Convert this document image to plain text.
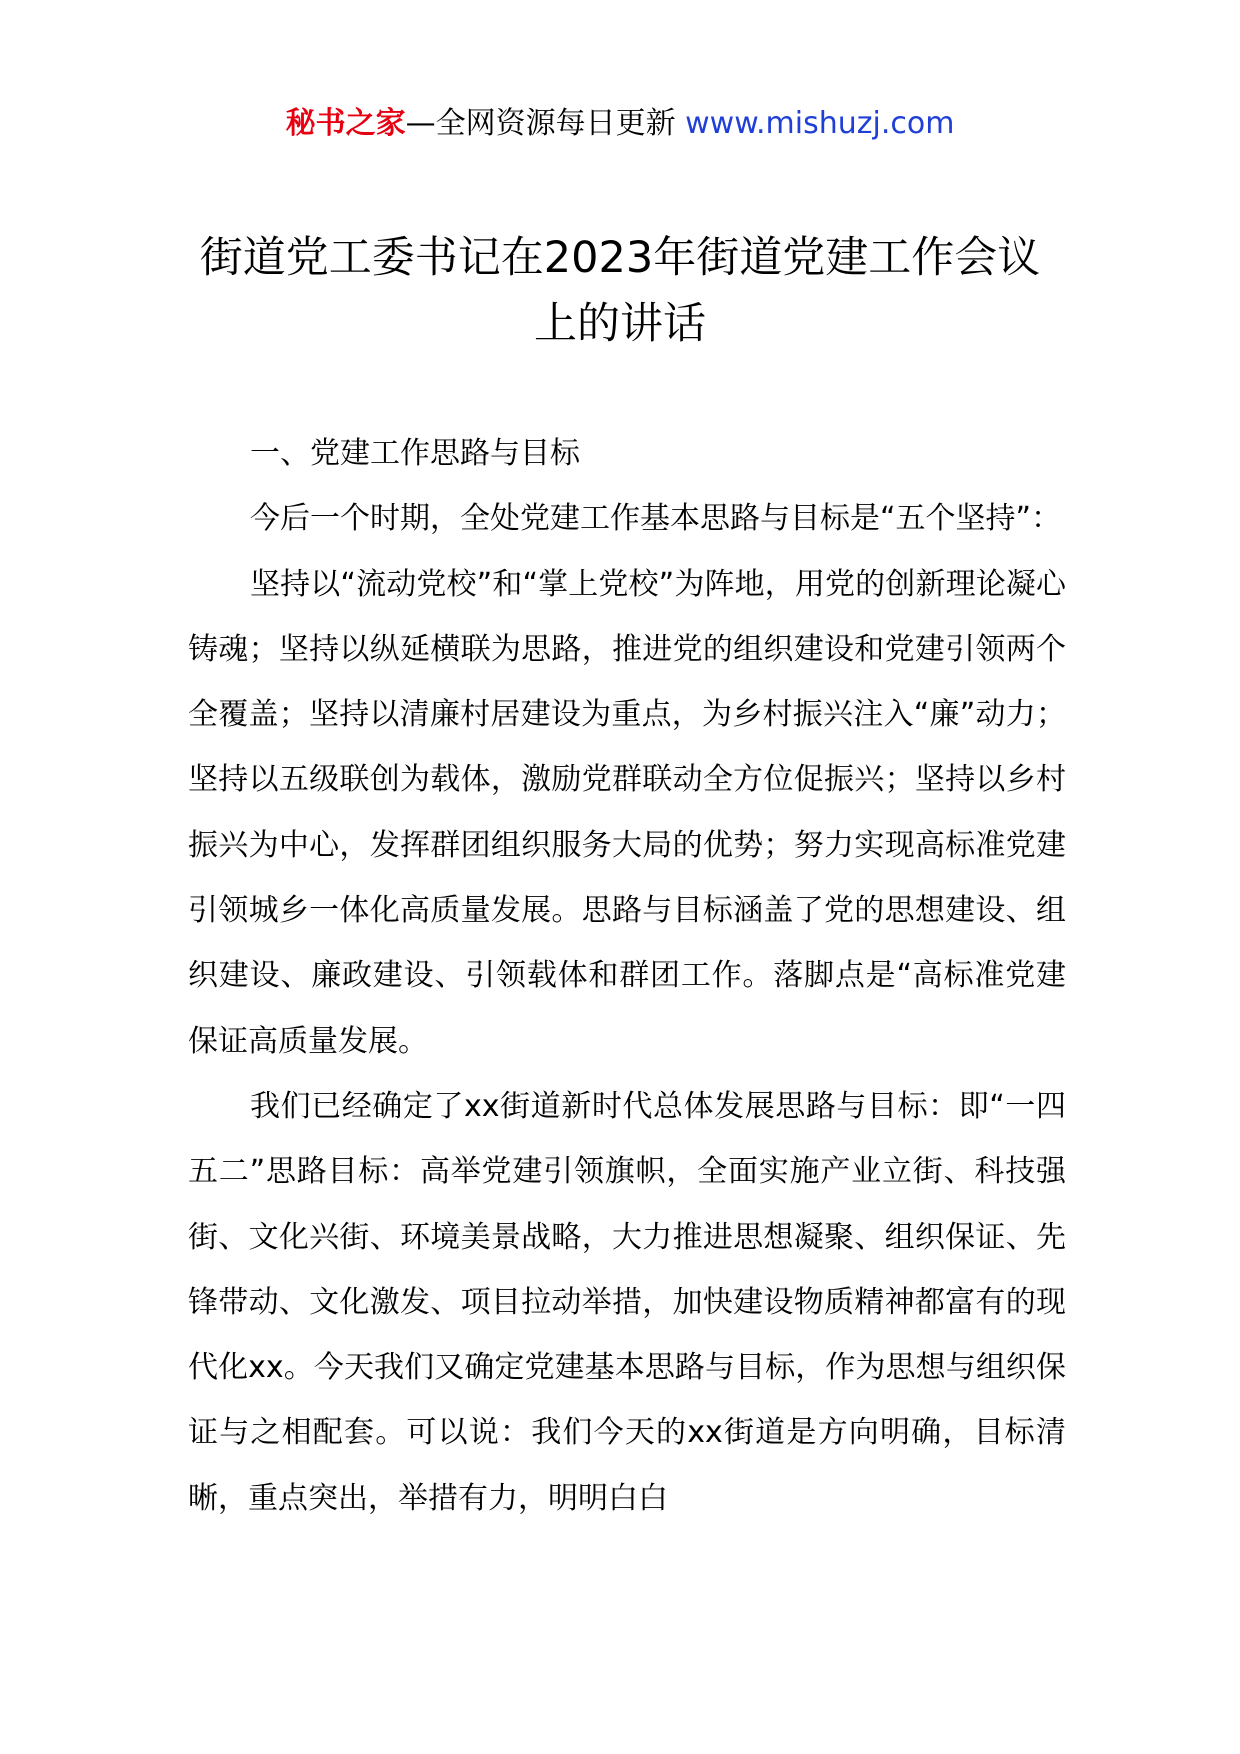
秘书之家—全网资源每日更新 www.mishuzj.com
街道党工委书记在2023年街道党建工作会议上的讲话

一、党建工作思路与目标

今后一个时期，全处党建工作基本思路与目标是“五个坚持”：

坚持以“流动党校”和“掌上党校”为阵地，用党的创新理论凝心铸魂；坚持以纵延横联为思路，推进党的组织建设和党建引领两个全覆盖；坚持以清廉村居建设为重点，为乡村振兴注入“廉”动力；坚持以五级联创为载体，激励党群联动全方位促振兴；坚持以乡村振兴为中心，发挥群团组织服务大局的优势；努力实现高标准党建引领城乡一体化高质量发展。思路与目标涵盖了党的思想建设、组织建设、廉政建设、引领载体和群团工作。落脚点是“高标准党建保证高质量发展。

我们已经确定了xx街道新时代总体发展思路与目标：即“一四五二”思路目标：高举党建引领旗帜，全面实施产业立街、科技强街、文化兴街、环境美景战略，大力推进思想凝聚、组织保证、先锋带动、文化激发、项目拉动举措，加快建设物质精神都富有的现代化xx。今天我们又确定党建基本思路与目标，作为思想与组织保证与之相配套。可以说：我们今天的xx街道是方向明确，目标清晰，重点突出，举措有力，明明白白
